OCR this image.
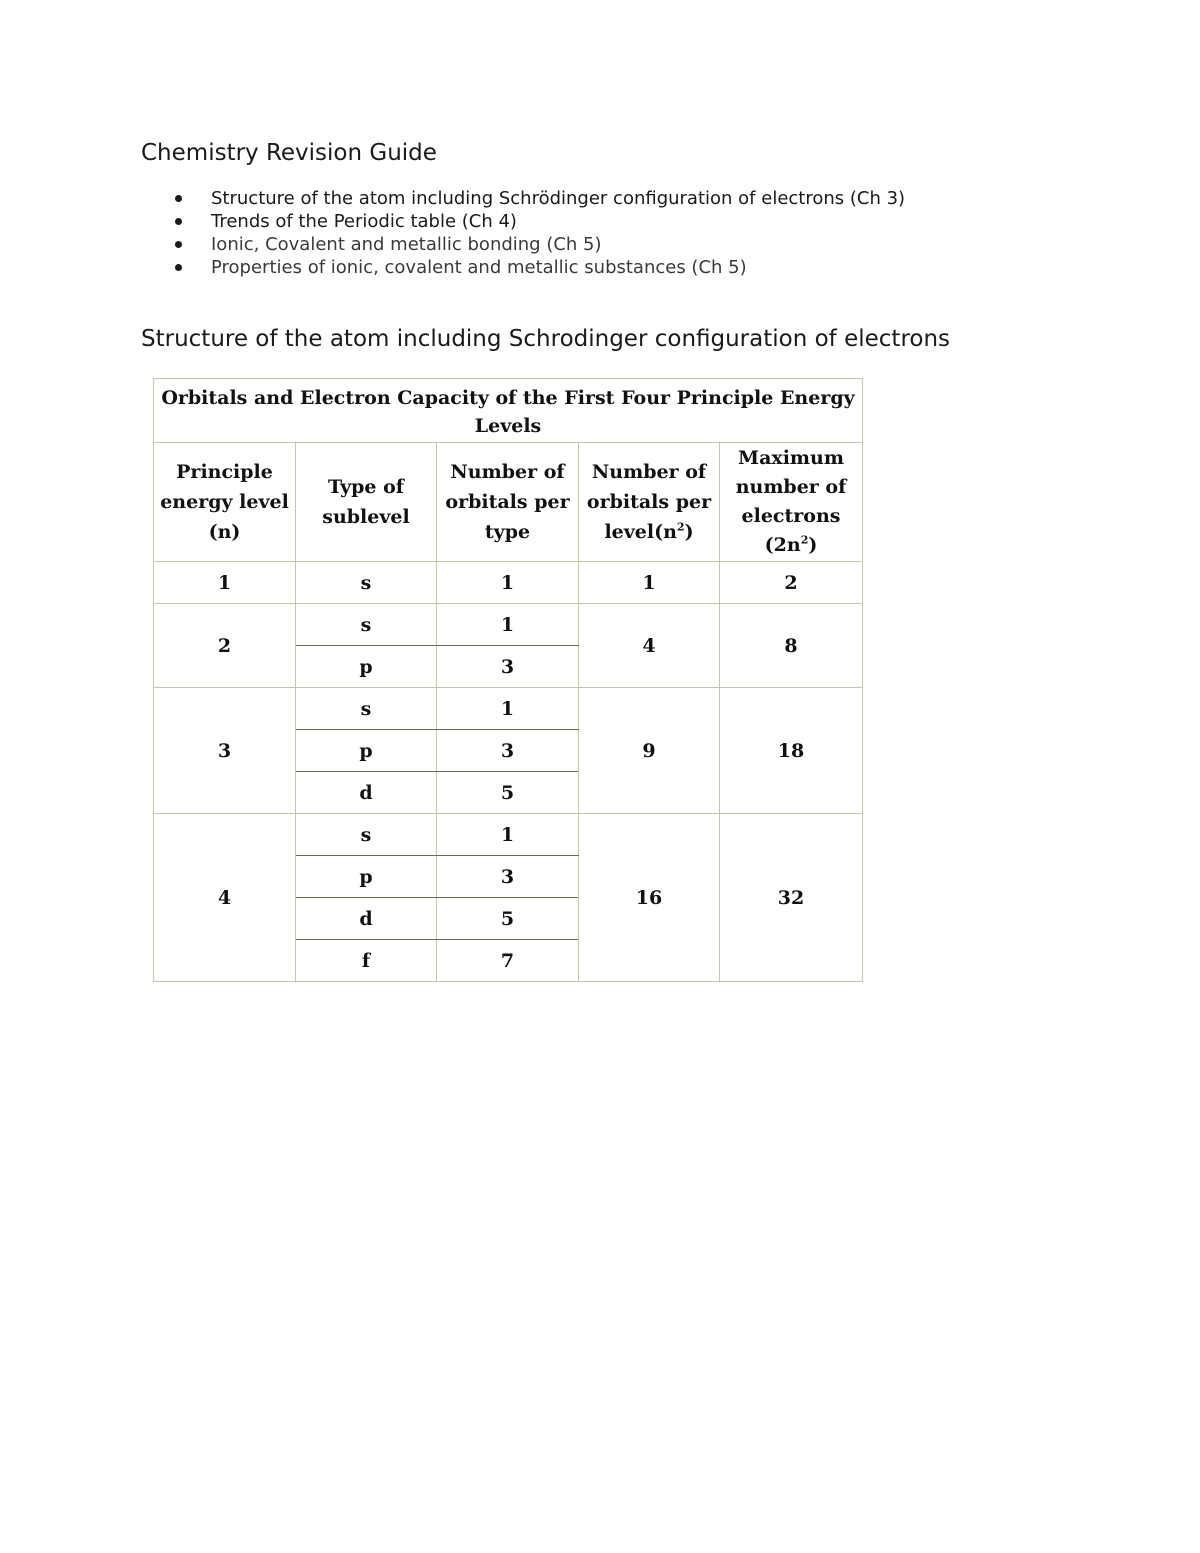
Chemistry Revision Guide
Structure of the atom including Schrödinger configuration of electrons (Ch 3)
Trends of the Periodic table (Ch 4)
Ionic, Covalent and metallic bonding (Ch 5)
Properties of ionic, covalent and metallic substances (Ch 5)
Structure of the atom including Schrodinger configuration of electrons
Orbitals and Electron Capacity of the First Four Principle Energy Levels				
Principle energy level (n)	Type of sublevel	Number of orbitals per type	Number of orbitals per $level(n^2)$	Maximum number of electrons $(2n^2)$
1	s	1	1	2
2	s	1	4	8
	p	3		
3	s	1	9	18
	p	3		
	d	5		
4	s	1	16	32
	p	3		
	d	5		
	f	7		
